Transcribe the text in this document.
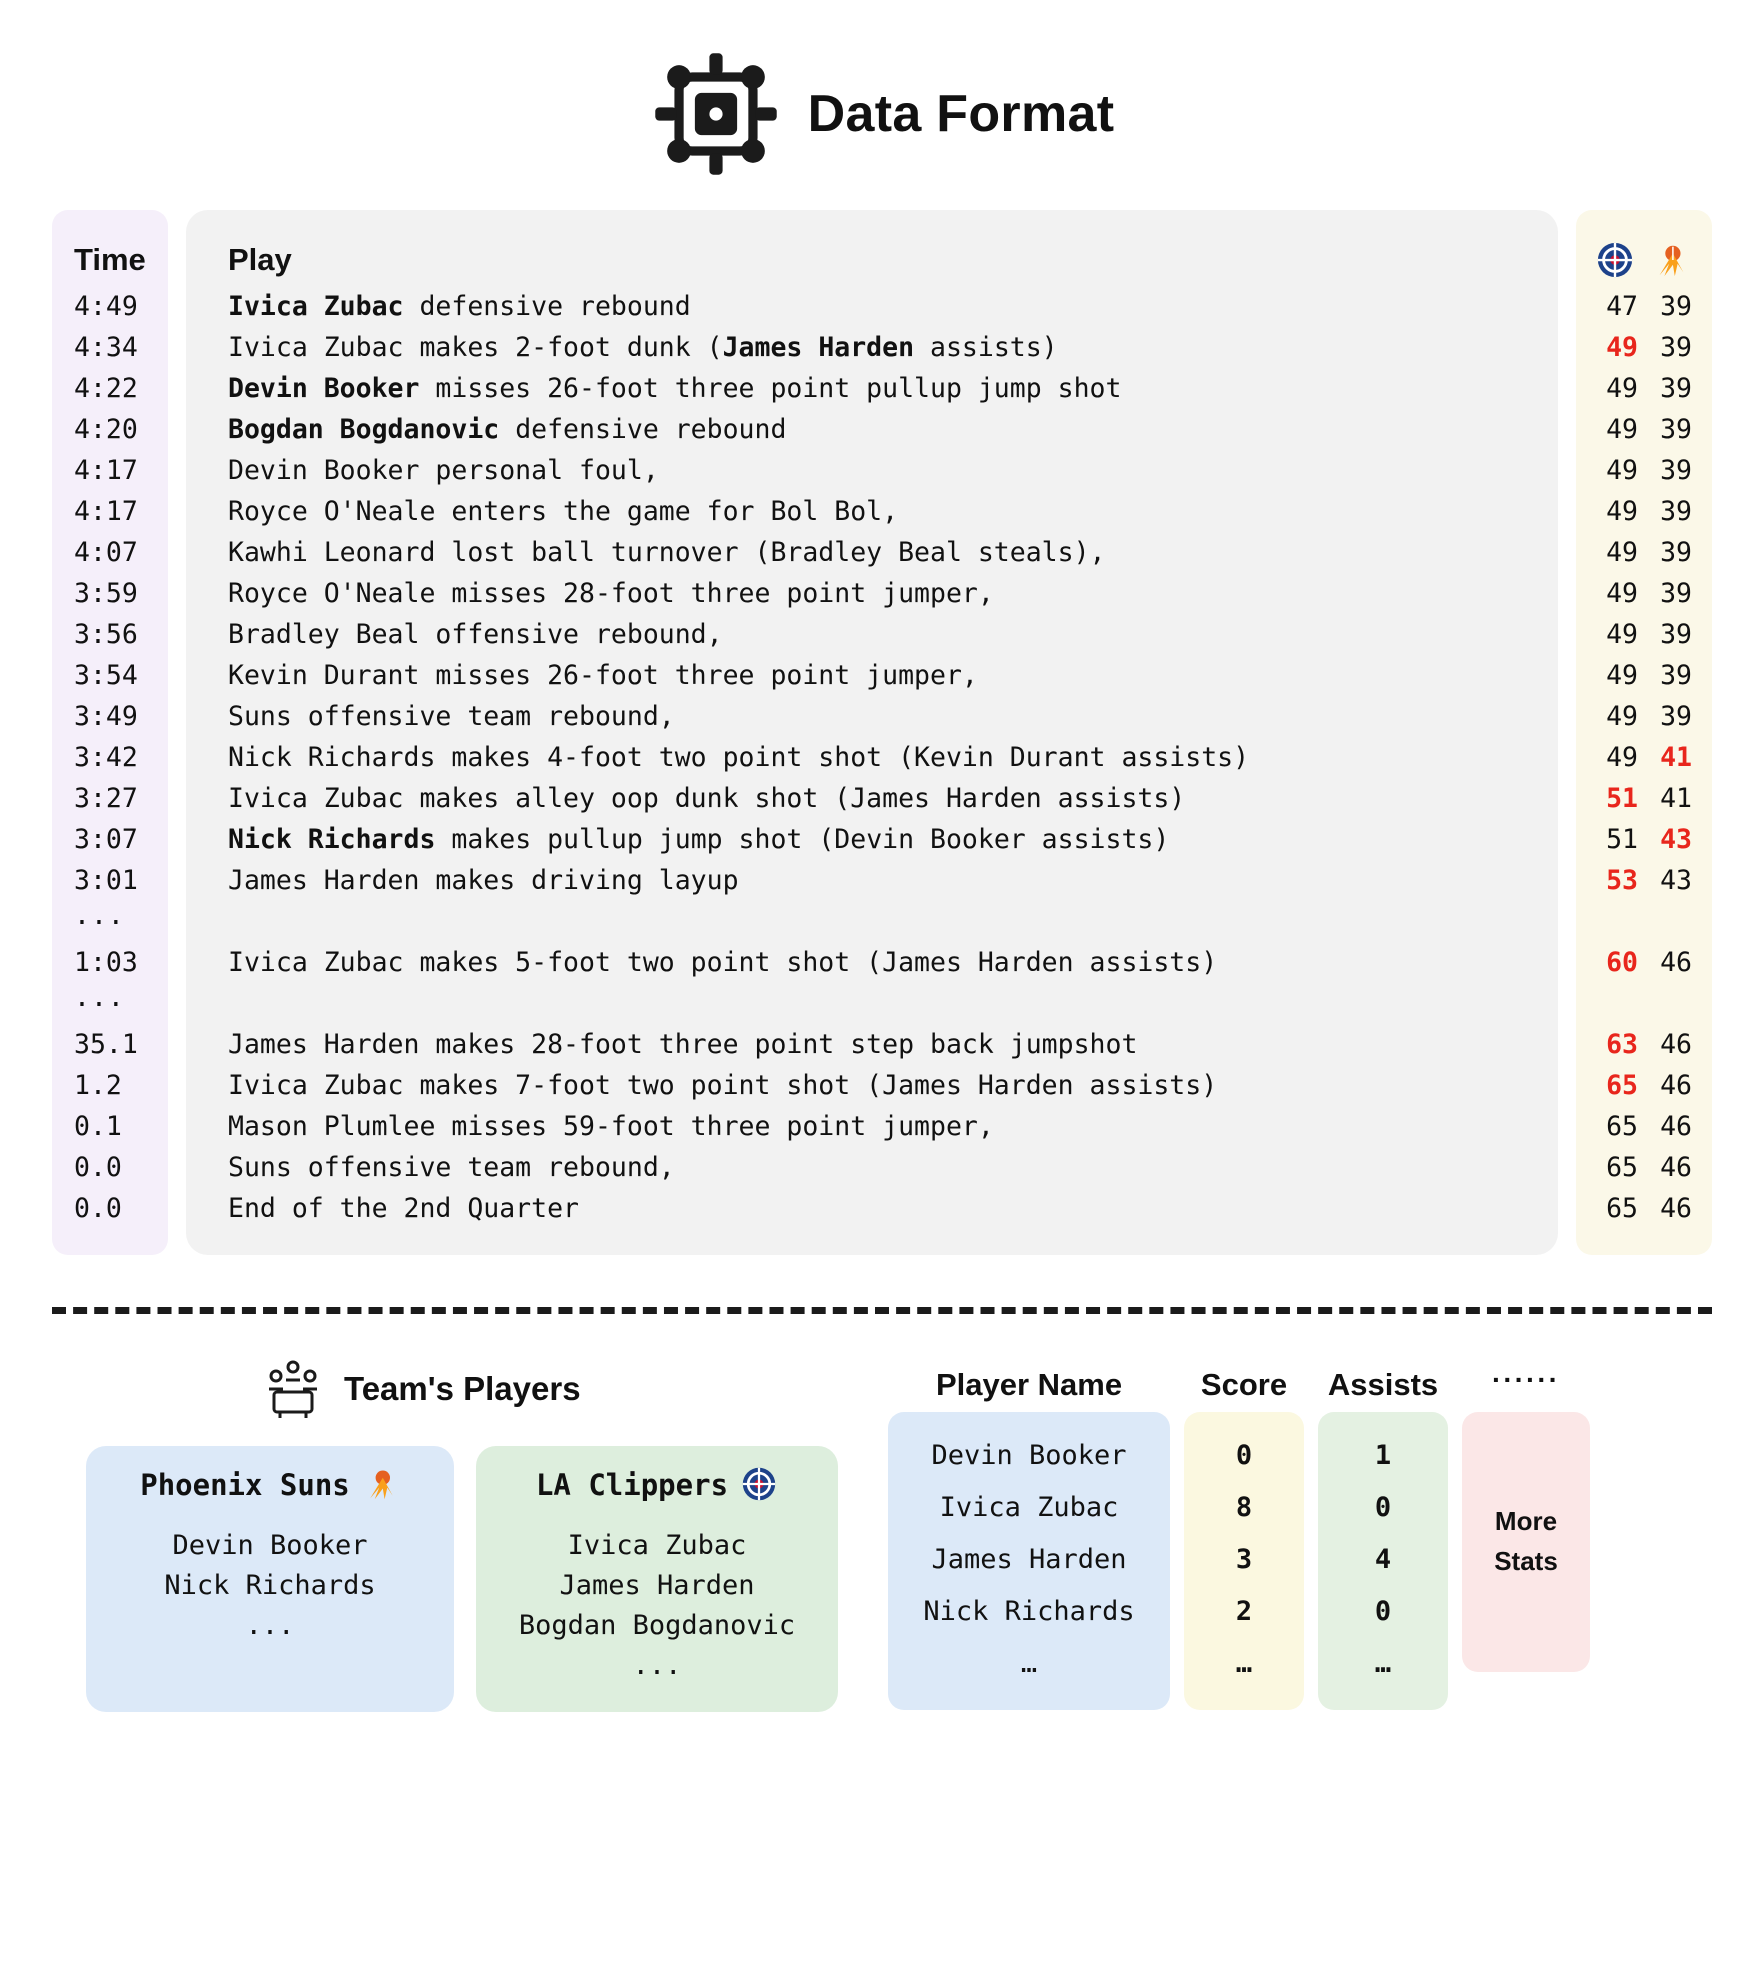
Data Format
Time
4:49
4:34
4:22
4:20
4:17
4:17
4:07
3:59
3:56
3:54
3:49
3:42
3:27
3:07
3:01
...
1:03
...
35.1
1.2
0.1
0.0
0.0
Play
Ivica Zubac defensive rebound
Ivica Zubac makes 2-foot dunk (James Harden assists)
Devin Booker misses 26-foot three point pullup jump shot
Bogdan Bogdanovic defensive rebound
Devin Booker personal foul,
Royce O'Neale enters the game for Bol Bol,
Kawhi Leonard lost ball turnover (Bradley Beal steals),
Royce O'Neale misses 28-foot three point jumper,
Bradley Beal offensive rebound,
Kevin Durant misses 26-foot three point jumper,
Suns offensive team rebound,
Nick Richards makes 4-foot two point shot (Kevin Durant assists)
Ivica Zubac makes alley oop dunk shot (James Harden assists)
Nick Richards makes pullup jump shot (Devin Booker assists)
James Harden makes driving layup

Ivica Zubac makes 5-foot two point shot (James Harden assists)

James Harden makes 28-foot three point step back jumpshot
Ivica Zubac makes 7-foot two point shot (James Harden assists)
Mason Plumlee misses 59-foot three point jumper,
Suns offensive team rebound,
End of the 2nd Quarter
47 39
49 39
49 39
49 39
49 39
49 39
49 39
49 39
49 39
49 39
49 39
49 41
51 41
51 43
53 43

60 46

63 46
65 46
65 46
65 46
65 46
Team's Players
Phoenix Suns
Devin Booker
Nick Richards
...
LA Clippers
Ivica Zubac
James Harden
Bogdan Bogdanovic
...
Player Name
Devin Booker
Ivica Zubac
James Harden
Nick Richards
…
Score
0
8
3
2
…
Assists
1
0
4
0
…
······
More
Stats
